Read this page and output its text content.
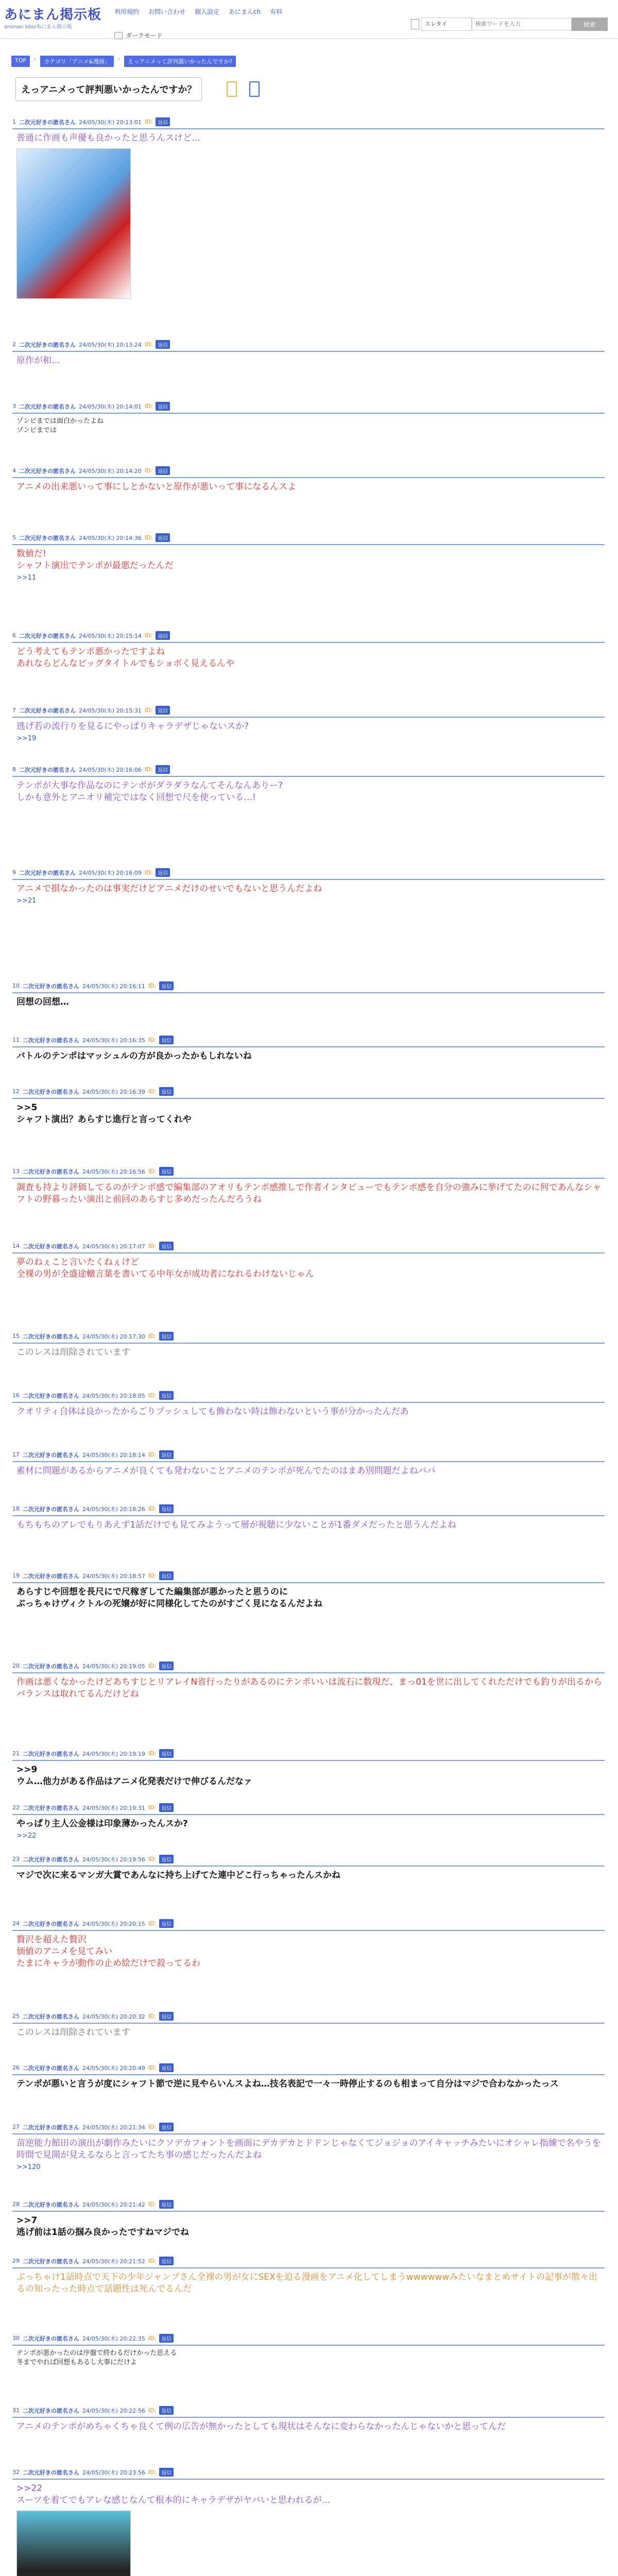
あにまん掲示板
animan bbs/あにまん掲示板
利用規約 お問い合わせ 個人設定 あにまんch 有料
ダークモード
スレタイ
検索ワードを入力	検索
TOP	›	カテゴリ「アニメ&漫画」	›	えっアニメって評判悪いかったんですか?
えっアニメって評判悪いかったんですか？
1 二次元好きの匿名さん 24/05/30(木) 20:13:01 ID:	返信
普通に作画も声優も良かったと思うんスけど…
2 二次元好きの匿名さん 24/05/30(木) 20:13:24 ID:	返信
原作が和…
3 二次元好きの匿名さん 24/05/30(木) 20:14:01 ID:	返信
ゾンビまでは面白かったよね
ゾンビまでは
4 二次元好きの匿名さん 24/05/30(木) 20:14:20 ID:	返信
アニメの出来悪いって事にしとかないと原作が悪いって事になるんスよ
5 二次元好きの匿名さん 24/05/30(木) 20:14:36 ID:	返信
数値だ!
シャフト演出でテンポが最悪だったんだ
>>11
6 二次元好きの匿名さん 24/05/30(木) 20:15:14 ID:	返信
どう考えてもテンポ悪かったですよね
あれならどんなビッグタイトルでもショボく見えるんや
7 二次元好きの匿名さん 24/05/30(木) 20:15:31 ID:	返信
逃げ若の流行りを見るにやっぱりキャラデザじゃないスか?
>>19
8 二次元好きの匿名さん 24/05/30(木) 20:16:06 ID:	返信
テンポが大事な作品なのにテンポがダラダラなんてそんなんありー?
しかも意外とアニオリ補完ではなく回想で尺を使っている…!
9 二次元好きの匿名さん 24/05/30(木) 20:16:09 ID:	返信
アニメで損なかったのは事実だけどアニメだけのせいでもないと思うんだよね
>>21
10 二次元好きの匿名さん 24/05/30(木) 20:16:11 ID:	返信
回想の回想…
11 二次元好きの匿名さん 24/05/30(木) 20:16:35 ID:	返信
バトルのテンポはマッシュルの方が良かったかもしれないね
12 二次元好きの匿名さん 24/05/30(木) 20:16:39 ID:	返信
>>5
シャフト演出？あらすじ進行と言ってくれや
13 二次元好きの匿名さん 24/05/30(木) 20:16:56 ID:	返信
調査も持より評価してるのがテンポ感で編集部のアオリもテンポ感推しで作者インタビューでもテンポ感を自分の強みに挙げてたのに何であんなシャフトの野暮ったい演出と前回のあらすじ多めだったんだろうね
14 二次元好きの匿名さん 24/05/30(木) 20:17:07 ID:	返信
夢のねぇこと言いたくねぇけど
全裸の男が全盛途轍言葉を書いてる中年女が成功者になれるわけないじゃん
15 二次元好きの匿名さん 24/05/30(木) 20:17:30 ID:	返信
このレスは削除されています
16 二次元好きの匿名さん 24/05/30(木) 20:18:05 ID:	返信
クオリティ自体は良かったからごりプッシュしても飾わない時は飾わないという事が分かったんだあ
17 二次元好きの匿名さん 24/05/30(木) 20:18:14 ID:	返信
素材に問題があるからアニメが良くても発わないことアニメのテンポが死んでたのはまあ別問題だよねパパ
18 二次元好きの匿名さん 24/05/30(木) 20:18:26 ID:	返信
もちもちのアレでもりあえず1話だけでも見てみようって層が視聴に少ないことが1番ダメだったと思うんだよね
19 二次元好きの匿名さん 24/05/30(木) 20:18:57 ID:	返信
あらすじや回想を長尺にで尺稼ぎしてた編集部が悪かったと思うのに
ぶっちゃけヴィクトルの死嬢が好に同様化してたのがすごく見になるんだよね
20 二次元好きの匿名さん 24/05/30(木) 20:19:05 ID:	返信
作画は悪くなかったけどあちすじとリアレイN省行ったりがあるのにテンポいいは流石に数現だ、まっ01を世に出してくれただけでも釣りが出るからバランスは取れてるんだけどね
21 二次元好きの匿名さん 24/05/30(木) 20:19:19 ID:	返信
>>9
ウム…他力がある作品はアニメ化発表だけで伸びるんだなァ
22 二次元好きの匿名さん 24/05/30(木) 20:19:31 ID:	返信
やっぱり主人公金様は印象薄かったんスか?
>>22
23 二次元好きの匿名さん 24/05/30(木) 20:19:56 ID:	返信
マジで次に来るマンガ大賞であんなに持ち上げてた連中どこ行っちゃったんスかね
24 二次元好きの匿名さん 24/05/30(木) 20:20:15 ID:	返信
贅沢を超えた贅沢
価値のアニメを見てみい
たまにキャラが動作の止め絵だけで殺ってるわ
25 二次元好きの匿名さん 24/05/30(木) 20:20:32 ID:	返信
このレスは削除されています
26 二次元好きの匿名さん 24/05/30(木) 20:20:49 ID:	返信
テンポが悪いと言うが度にシャフト節で逆に見やらいんスよね…技名表記で一々一時停止するのも相まって自分はマジで合わなかったっス
27 二次元好きの匿名さん 24/05/30(木) 20:21:34 ID:	返信
苗逆能力館田の演出が劇作みたいにクソデカフォントを画面にデカデカとドドンじゃなくてジョジョのアイキャッチみたいにオシャレ指練で名やうを時間で見開が見えるならと言ってたち事の感じだったんだよね
>>120
28 二次元好きの匿名さん 24/05/30(木) 20:21:42 ID:	返信
>>7
逃げ前は1話の掴み良かったですねマジでね
29 二次元好きの匿名さん 24/05/30(木) 20:21:52 ID:	返信
ぶっちゃけ1話時点で天下の少年ジャンプさん全裸の男が女にSEXを迫る漫画をアニメ化してしまうwwwwwwみたいなまとめサイトの記事が散々出るの知ったった時点で話題性は死んでるんだ
30 二次元好きの匿名さん 24/05/30(木) 20:22:35 ID:	返信
テンポが悪かったのは序盤で終わるだけかった思える
冬までやれば回想もあるし大事にだけよ
31 二次元好きの匿名さん 24/05/30(木) 20:22:56 ID:	返信
アニメのテンポがめちゃくちゃ良くて例の広告が無かったとしても現状はそんなに変わらなかったんじゃないかと思ってんだ
32 二次元好きの匿名さん 24/05/30(木) 20:23:56 ID:	返信
>>22
スーツを着てでもアレな感じなんて根本的にキャラデザがヤバいと思われるが…
